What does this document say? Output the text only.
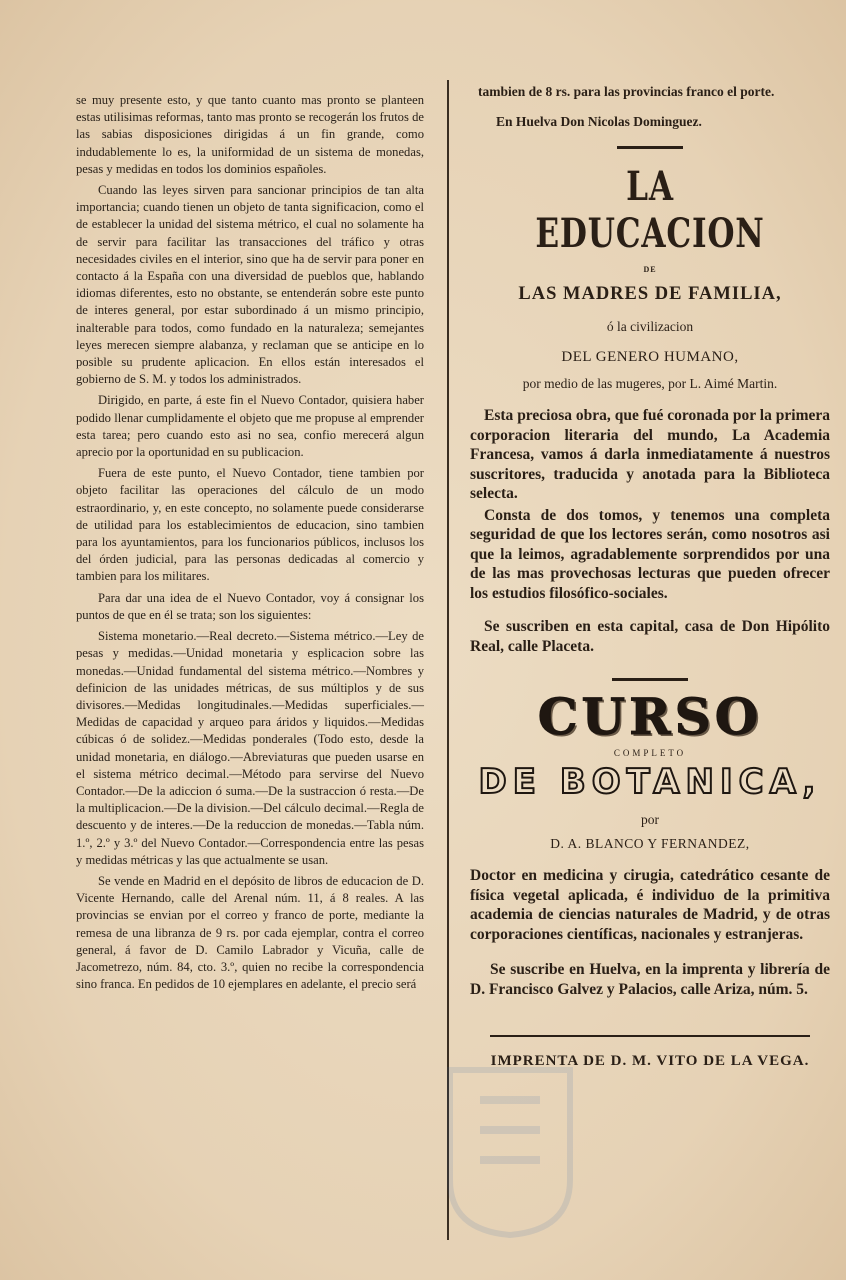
se muy presente esto, y que tanto cuanto mas pronto se planteen estas utilisimas reformas, tanto mas pronto se recogerán los frutos de las sabias disposiciones dirigidas á un fin grande, como indudablemente lo es, la uniformidad de un sistema de monedas, pesas y medidas en todos los dominios españoles.

Cuando las leyes sirven para sancionar principios de tan alta importancia; cuando tienen un objeto de tanta significacion, como el de establecer la unidad del sistema métrico, el cual no solamente ha de servir para facilitar las transacciones del tráfico y otras necesidades civiles en el interior, sino que ha de servir para poner en contacto á la España con una diversidad de pueblos que, hablando idiomas diferentes, esto no obstante, se entenderán sobre este punto de interes general, por estar subordinado á un mismo principio, inalterable para todos, como fundado en la naturaleza; semejantes leyes merecen siempre alabanza, y reclaman que se anticipe en lo posible su prudente aplicacion. En ellos están interesados el gobierno de S. M. y todos los administrados.

Dirigido, en parte, á este fin el Nuevo Contador, quisiera haber podido llenar cumplidamente el objeto que me propuse al emprender esta tarea; pero cuando esto asi no sea, confio merecerá algun aprecio por la oportunidad en su publicacion.

Fuera de este punto, el Nuevo Contador, tiene tambien por objeto facilitar las operaciones del cálculo de un modo estraordinario, y, en este concepto, no solamente puede considerarse de utilidad para los establecimientos de educacion, sino tambien para los ayuntamientos, para los funcionarios públicos, inclusos los del órden judicial, para las personas dedicadas al comercio y tambien para los militares.

Para dar una idea de el Nuevo Contador, voy á consignar los puntos de que en él se trata; son los siguientes:

Sistema monetario.—Real decreto.—Sistema métrico.—Ley de pesas y medidas.—Unidad monetaria y esplicacion sobre las monedas.—Unidad fundamental del sistema métrico.—Nombres y definicion de las unidades métricas, de sus múltiplos y de sus divisores.—Medidas longitudinales.—Medidas superficiales.—Medidas de capacidad y arqueo para áridos y liquidos.—Medidas cúbicas ó de solidez.—Medidas ponderales (Todo esto, desde la unidad monetaria, en diálogo.—Abreviaturas que pueden usarse en el sistema métrico decimal.—Método para servirse del Nuevo Contador.—De la adiccion ó suma.—De la sustraccion ó resta.—De la multiplicacion.—De la division.—Del cálculo decimal.—Regla de descuento y de interes.—De la reduccion de monedas.—Tabla núm. 1.º, 2.º y 3.º del Nuevo Contador.—Correspondencia entre las pesas y medidas métricas y las que actualmente se usan.

Se vende en Madrid en el depósito de libros de educacion de D. Vicente Hernando, calle del Arenal núm. 11, á 8 reales. A las provincias se envian por el correo y franco de porte, mediante la remesa de una libranza de 9 rs. por cada ejemplar, contra el correo general, á favor de D. Camilo Labrador y Vicuña, calle de Jacometrezo, núm. 84, cto. 3.º, quien no recibe la correspondencia sino franca. En pedidos de 10 ejemplares en adelante, el precio será

tambien de 8 rs. para las provincias franco el porte.
En Huelva Don Nicolas Dominguez.
LA EDUCACION
DE
LAS MADRES DE FAMILIA,
ó la civilizacion
DEL GENERO HUMANO,
por medio de las mugeres, por L. Aimé Martin.

Esta preciosa obra, que fué coronada por la primera corporacion literaria del mundo, La Academia Francesa, vamos á darla inmediatamente á nuestros suscritores, traducida y anotada para la Biblioteca selecta.

Consta de dos tomos, y tenemos una completa seguridad de que los lectores serán, como nosotros asi que la leimos, agradablemente sorprendidos por una de las mas provechosas lecturas que pueden ofrecer los estudios filosófico-sociales.

Se suscriben en esta capital, casa de Don Hipólito Real, calle Placeta.

CURSO
COMPLETO
DE BOTANICA,
por
D. A. BLANCO Y FERNANDEZ,

Doctor en medicina y cirugia, catedrático cesante de física vegetal aplicada, é individuo de la primitiva academia de ciencias naturales de Madrid, y de otras corporaciones científicas, nacionales y estranjeras.

Se suscribe en Huelva, en la imprenta y librería de D. Francisco Galvez y Palacios, calle Ariza, núm. 5.

IMPRENTA DE D. M. VITO DE LA VEGA.
